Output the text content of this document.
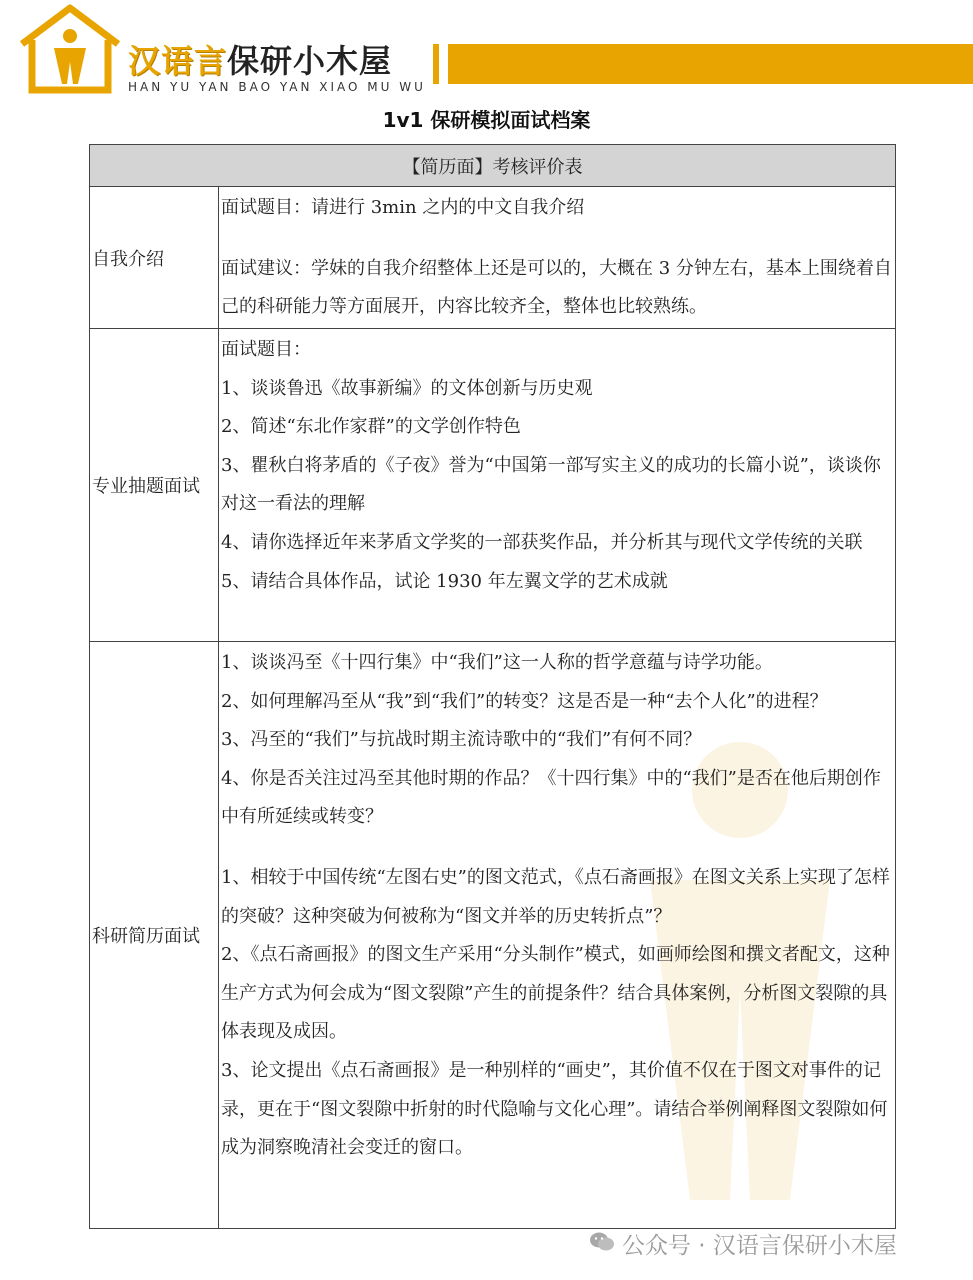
汉语言保研小木屋
HAN YU YAN BAO YAN XIAO MU WU
1v1 保研模拟面试档案
【简历面】考核评价表
自我介绍

面试题目：请进行 3min 之内的中文自我介绍

面试建议：学妹的自我介绍整体上还是可以的，大概在 3 分钟左右，基本上围绕着自己的科研能力等方面展开，内容比较齐全，整体也比较熟练。

专业抽题面试

面试题目：

1、谈谈鲁迅《故事新编》的文体创新与历史观

2、简述“东北作家群”的文学创作特色

3、瞿秋白将茅盾的《子夜》誉为“中国第一部写实主义的成功的长篇小说”，谈谈你对这一看法的理解

4、请你选择近年来茅盾文学奖的一部获奖作品，并分析其与现代文学传统的关联

5、请结合具体作品，试论 1930 年左翼文学的艺术成就

科研简历面试

1、谈谈冯至《十四行集》中“我们”这一人称的哲学意蕴与诗学功能。

2、如何理解冯至从“我”到“我们”的转变？这是否是一种“去个人化”的进程？

3、冯至的“我们”与抗战时期主流诗歌中的“我们”有何不同？

4、你是否关注过冯至其他时期的作品？《十四行集》中的“我们”是否在他后期创作中有所延续或转变？

1、相较于中国传统“左图右史”的图文范式，《点石斋画报》在图文关系上实现了怎样的突破？这种突破为何被称为“图文并举的历史转折点”？

2、《点石斋画报》的图文生产采用“分头制作”模式，如画师绘图和撰文者配文，这种生产方式为何会成为“图文裂隙”产生的前提条件？结合具体案例，分析图文裂隙的具体表现及成因。

3、论文提出《点石斋画报》是一种别样的“画史”，其价值不仅在于图文对事件的记录，更在于“图文裂隙中折射的时代隐喻与文化心理”。请结合举例阐释图文裂隙如何成为洞察晚清社会变迁的窗口。

公众号 · 汉语言保研小木屋
